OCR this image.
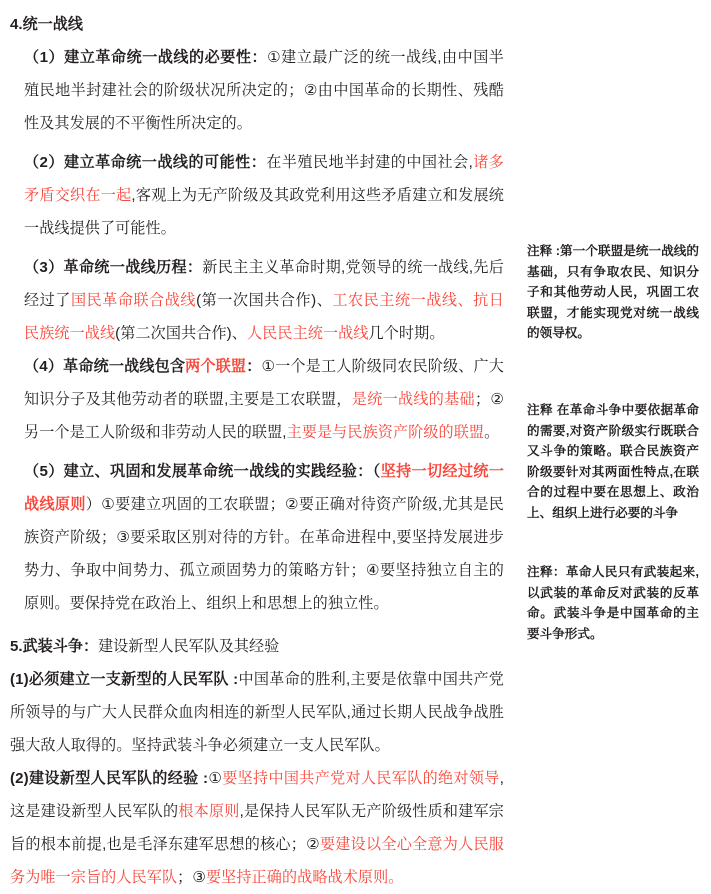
4.统一战线

（1）建立革命统一战线的必要性：①建立最广泛的统一战线,由中国半殖民地半封建社会的阶级状况所决定的；②由中国革命的长期性、残酷性及其发展的不平衡性所决定的。

（2）建立革命统一战线的可能性：在半殖民地半封建的中国社会,诸多矛盾交织在一起,客观上为无产阶级及其政党利用这些矛盾建立和发展统一战线提供了可能性。

（3）革命统一战线历程：新民主主义革命时期,党领导的统一战线,先后经过了国民革命联合战线(第一次国共合作)、工农民主统一战线、抗日民族统一战线(第二次国共合作)、人民民主统一战线几个时期。

（4）革命统一战线包含两个联盟：①一个是工人阶级同农民阶级、广大知识分子及其他劳动者的联盟,主要是工农联盟，是统一战线的基础；②另一个是工人阶级和非劳动人民的联盟,主要是与民族资产阶级的联盟。

（5）建立、巩固和发展革命统一战线的实践经验：（坚持一切经过统一战线原则）①要建立巩固的工农联盟；②要正确对待资产阶级,尤其是民族资产阶级；③要采取区别对待的方针。在革命进程中,要坚持发展进步势力、争取中间势力、孤立顽固势力的策略方针；④要坚持独立自主的原则。要保持党在政治上、组织上和思想上的独立性。

5.武装斗争：建设新型人民军队及其经验

(1)必须建立一支新型的人民军队 :中国革命的胜利,主要是依靠中国共产党所领导的与广大人民群众血肉相连的新型人民军队,通过长期人民战争战胜强大敌人取得的。坚持武装斗争必须建立一支人民军队。

(2)建设新型人民军队的经验 :①要坚持中国共产党对人民军队的绝对领导,这是建设新型人民军队的根本原则,是保持人民军队无产阶级性质和建军宗旨的根本前提,也是毛泽东建军思想的核心；②要建设以全心全意为人民服务为唯一宗旨的人民军队；③要坚持正确的战略战术原则。

注释 :第一个联盟是统一战线的基础，只有争取农民、知识分子和其他劳动人民，巩固工农联盟，才能实现党对统一战线的领导权。
注释 在革命斗争中要依据革命的需要,对资产阶级实行既联合又斗争的策略。联合民族资产阶级要针对其两面性特点,在联合的过程中要在思想上、政治上、组织上进行必要的斗争
注释：革命人民只有武装起来,以武装的革命反对武装的反革命。武装斗争是中国革命的主要斗争形式。
